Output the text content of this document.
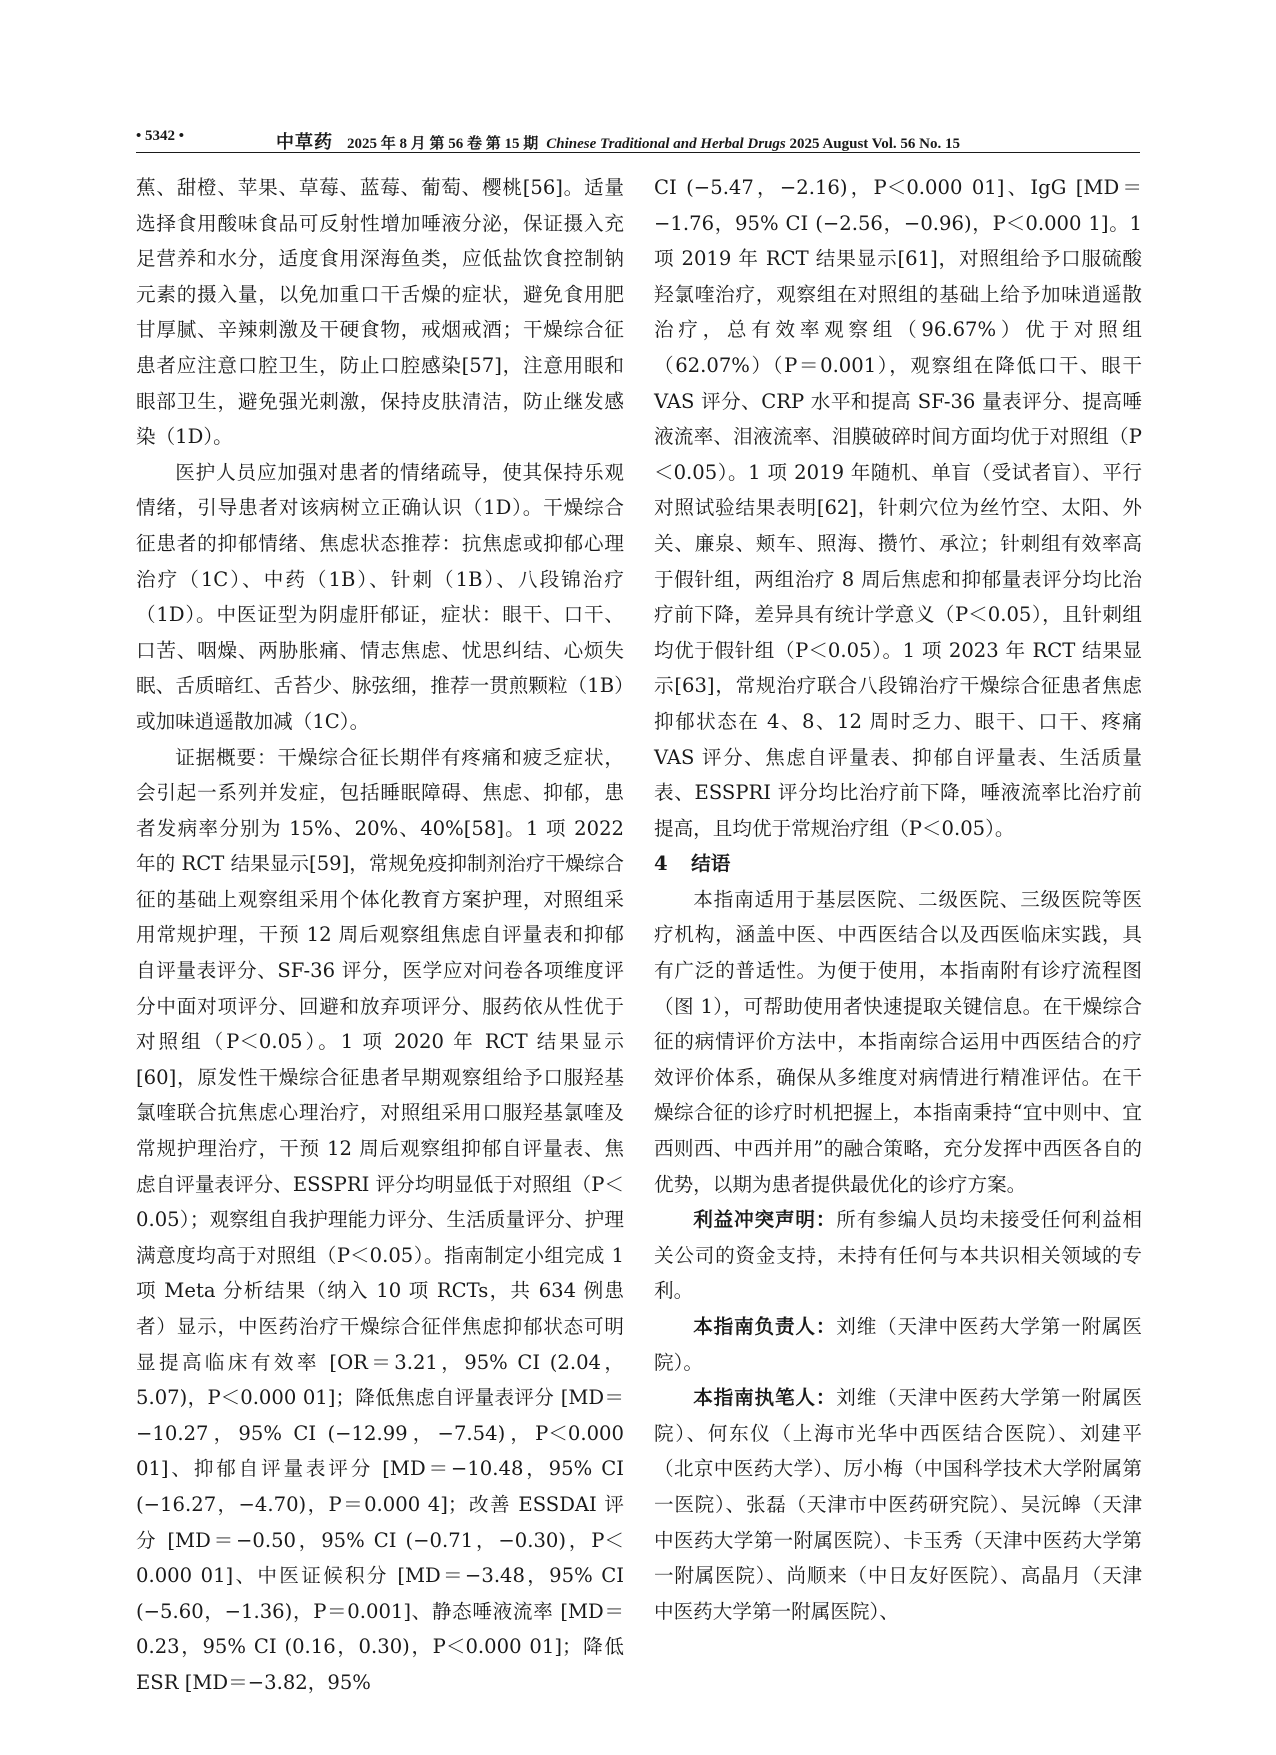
• 5342 •	中草药 2025 年 8 月 第 56 卷 第 15 期 Chinese Traditional and Herbal Drugs 2025 August Vol. 56 No. 15

蕉、甜橙、苹果、草莓、蓝莓、葡萄、樱桃[56]。适量选择食用酸味食品可反射性增加唾液分泌，保证摄入充足营养和水分，适度食用深海鱼类，应低盐饮食控制钠元素的摄入量，以免加重口干舌燥的症状，避免食用肥甘厚腻、辛辣刺激及干硬食物，戒烟戒酒；干燥综合征患者应注意口腔卫生，防止口腔感染[57]，注意用眼和眼部卫生，避免强光刺激，保持皮肤清洁，防止继发感染（1D）。

医护人员应加强对患者的情绪疏导，使其保持乐观情绪，引导患者对该病树立正确认识（1D）。干燥综合征患者的抑郁情绪、焦虑状态推荐：抗焦虑或抑郁心理治疗（1C）、中药（1B）、针刺（1B）、八段锦治疗（1D）。中医证型为阴虚肝郁证，症状：眼干、口干、口苦、咽燥、两胁胀痛、情志焦虑、忧思纠结、心烦失眠、舌质暗红、舌苔少、脉弦细，推荐一贯煎颗粒（1B）或加味逍遥散加减（1C）。

证据概要：干燥综合征长期伴有疼痛和疲乏症状，会引起一系列并发症，包括睡眠障碍、焦虑、抑郁，患者发病率分别为 15%、20%、40%[58]。1 项 2022 年的 RCT 结果显示[59]，常规免疫抑制剂治疗干燥综合征的基础上观察组采用个体化教育方案护理，对照组采用常规护理，干预 12 周后观察组焦虑自评量表和抑郁自评量表评分、SF-36 评分，医学应对问卷各项维度评分中面对项评分、回避和放弃项评分、服药依从性优于对照组（P＜0.05）。1 项 2020 年 RCT 结果显示[60]，原发性干燥综合征患者早期观察组给予口服羟基氯喹联合抗焦虑心理治疗，对照组采用口服羟基氯喹及常规护理治疗，干预 12 周后观察组抑郁自评量表、焦虑自评量表评分、ESSPRI 评分均明显低于对照组（P＜0.05）；观察组自我护理能力评分、生活质量评分、护理满意度均高于对照组（P＜0.05）。指南制定小组完成 1 项 Meta 分析结果（纳入 10 项 RCTs，共 634 例患者）显示，中医药治疗干燥综合征伴焦虑抑郁状态可明显提高临床有效率 [OR＝3.21，95% CI (2.04，5.07)，P＜0.000 01]；降低焦虑自评量表评分 [MD＝−10.27，95% CI (−12.99，−7.54)，P＜0.000 01]、抑郁自评量表评分 [MD＝−10.48，95% CI (−16.27，−4.70)，P＝0.000 4]；改善 ESSDAI 评分 [MD＝−0.50，95% CI (−0.71，−0.30)，P＜0.000 01]、中医证候积分 [MD＝−3.48，95% CI (−5.60，−1.36)，P＝0.001]、静态唾液流率 [MD＝0.23，95% CI (0.16，0.30)，P＜0.000 01]；降低 ESR [MD＝−3.82，95%

CI (−5.47，−2.16)，P＜0.000 01]、IgG [MD＝−1.76，95% CI (−2.56，−0.96)，P＜0.000 1]。1 项 2019 年 RCT 结果显示[61]，对照组给予口服硫酸羟氯喹治疗，观察组在对照组的基础上给予加味逍遥散治疗，总有效率观察组（96.67%）优于对照组（62.07%）（P＝0.001），观察组在降低口干、眼干 VAS 评分、CRP 水平和提高 SF-36 量表评分、提高唾液流率、泪液流率、泪膜破碎时间方面均优于对照组（P＜0.05）。1 项 2019 年随机、单盲（受试者盲）、平行对照试验结果表明[62]，针刺穴位为丝竹空、太阳、外关、廉泉、颊车、照海、攒竹、承泣；针刺组有效率高于假针组，两组治疗 8 周后焦虑和抑郁量表评分均比治疗前下降，差异具有统计学意义（P＜0.05），且针刺组均优于假针组（P＜0.05）。1 项 2023 年 RCT 结果显示[63]，常规治疗联合八段锦治疗干燥综合征患者焦虑抑郁状态在 4、8、12 周时乏力、眼干、口干、疼痛 VAS 评分、焦虑自评量表、抑郁自评量表、生活质量表、ESSPRI 评分均比治疗前下降，唾液流率比治疗前提高，且均优于常规治疗组（P＜0.05）。

4 结语

本指南适用于基层医院、二级医院、三级医院等医疗机构，涵盖中医、中西医结合以及西医临床实践，具有广泛的普适性。为便于使用，本指南附有诊疗流程图（图 1），可帮助使用者快速提取关键信息。在干燥综合征的病情评价方法中，本指南综合运用中西医结合的疗效评价体系，确保从多维度对病情进行精准评估。在干燥综合征的诊疗时机把握上，本指南秉持“宜中则中、宜西则西、中西并用”的融合策略，充分发挥中西医各自的优势，以期为患者提供最优化的诊疗方案。

利益冲突声明：所有参编人员均未接受任何利益相关公司的资金支持，未持有任何与本共识相关领域的专利。

本指南负责人：刘维（天津中医药大学第一附属医院）。

本指南执笔人：刘维（天津中医药大学第一附属医院）、何东仪（上海市光华中西医结合医院）、刘建平（北京中医药大学）、厉小梅（中国科学技术大学附属第一医院）、张磊（天津市中医药研究院）、吴沅皞（天津中医药大学第一附属医院）、卡玉秀（天津中医药大学第一附属医院）、尚顺来（中日友好医院）、高晶月（天津中医药大学第一附属医院）、
